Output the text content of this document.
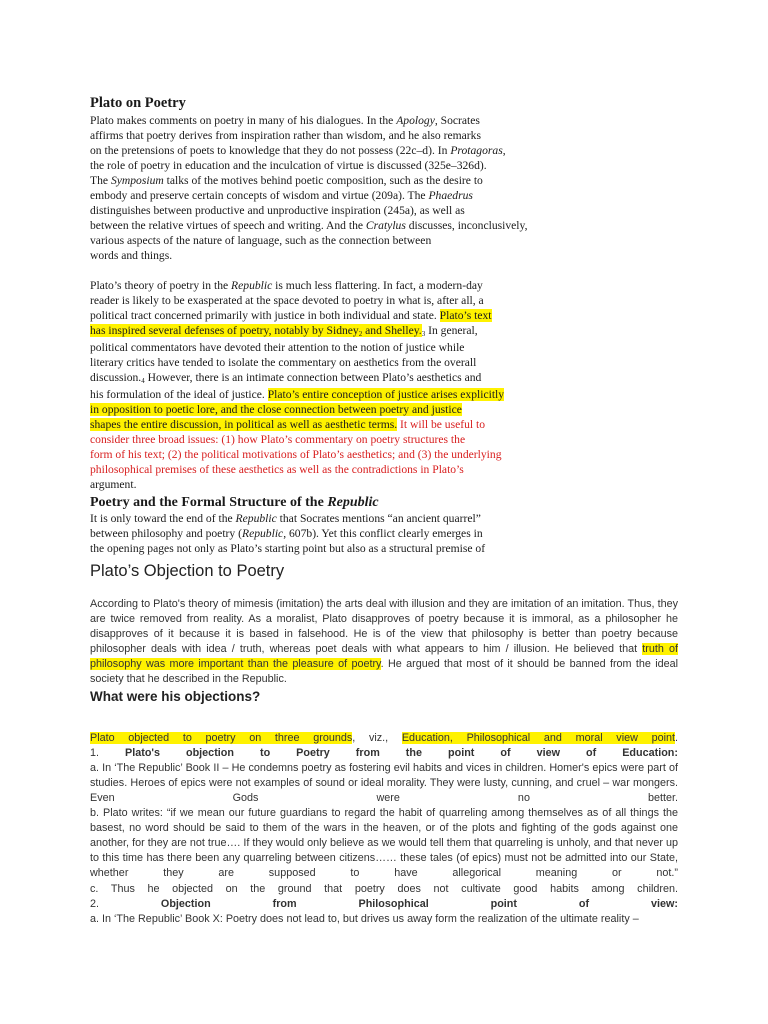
Plato on Poetry
Plato makes comments on poetry in many of his dialogues. In the Apology, Socrates
affirms that poetry derives from inspiration rather than wisdom, and he also remarks
on the pretensions of poets to knowledge that they do not possess (22c–d). In Protagoras,
the role of poetry in education and the inculcation of virtue is discussed (325e–326d).
The Symposium talks of the motives behind poetic composition, such as the desire to
embody and preserve certain concepts of wisdom and virtue (209a). The Phaedrus
distinguishes between productive and unproductive inspiration (245a), as well as
between the relative virtues of speech and writing. And the Cratylus discusses, inconclusively,
various aspects of the nature of language, such as the connection between
words and things.
Plato’s theory of poetry in the Republic is much less flattering. In fact, a modern-day
reader is likely to be exasperated at the space devoted to poetry in what is, after all, a
political tract concerned primarily with justice in both individual and state. Plato’s text
has inspired several defenses of poetry, notably by Sidney2 and Shelley.3 In general,
political commentators have devoted their attention to the notion of justice while
literary critics have tended to isolate the commentary on aesthetics from the overall
discussion.4 However, there is an intimate connection between Plato’s aesthetics and
his formulation of the ideal of justice. Plato’s entire conception of justice arises explicitly
in opposition to poetic lore, and the close connection between poetry and justice
shapes the entire discussion, in political as well as aesthetic terms. It will be useful to
consider three broad issues: (1) how Plato’s commentary on poetry structures the
form of his text; (2) the political motivations of Plato’s aesthetics; and (3) the underlying
philosophical premises of these aesthetics as well as the contradictions in Plato’s
argument.
Poetry and the Formal Structure of the Republic
It is only toward the end of the Republic that Socrates mentions “an ancient quarrel”
between philosophy and poetry (Republic, 607b). Yet this conflict clearly emerges in
the opening pages not only as Plato’s starting point but also as a structural premise of
Plato’s Objection to Poetry
According to Plato's theory of mimesis (imitation) the arts deal with illusion and they are imitation of an imitation. Thus, they are twice removed from reality. As a moralist, Plato disapproves of poetry because it is immoral, as a philosopher he disapproves of it because it is based in falsehood. He is of the view that philosophy is better than poetry because philosopher deals with idea / truth, whereas poet deals with what appears to him / illusion. He believed that truth of philosophy was more important than the pleasure of poetry. He argued that most of it should be banned from the ideal society that he described in the Republic.
What were his objections?
Plato objected to poetry on three grounds, viz., Education, Philosophical and moral view point.
1. Plato's objection to Poetry from the point of view of Education:
a. In ‘The Republic’ Book II – He condemns poetry as fostering evil habits and vices in children. Homer's epics were part of studies. Heroes of epics were not examples of sound or ideal morality. They were lusty, cunning, and cruel – war mongers. Even Gods were no better.
b. Plato writes: “if we mean our future guardians to regard the habit of quarreling among themselves as of all things the basest, no word should be said to them of the wars in the heaven, or of the plots and fighting of the gods against one another, for they are not true…. If they would only believe as we would tell them that quarreling is unholy, and that never up to this time has there been any quarreling between citizens…… these tales (of epics) must not be admitted into our State, whether they are supposed to have allegorical meaning or not.”
c. Thus he objected on the ground that poetry does not cultivate good habits among children.
2. Objection from Philosophical point of view:
a. In ‘The Republic’ Book X: Poetry does not lead to, but drives us away form the realization of the ultimate reality –
